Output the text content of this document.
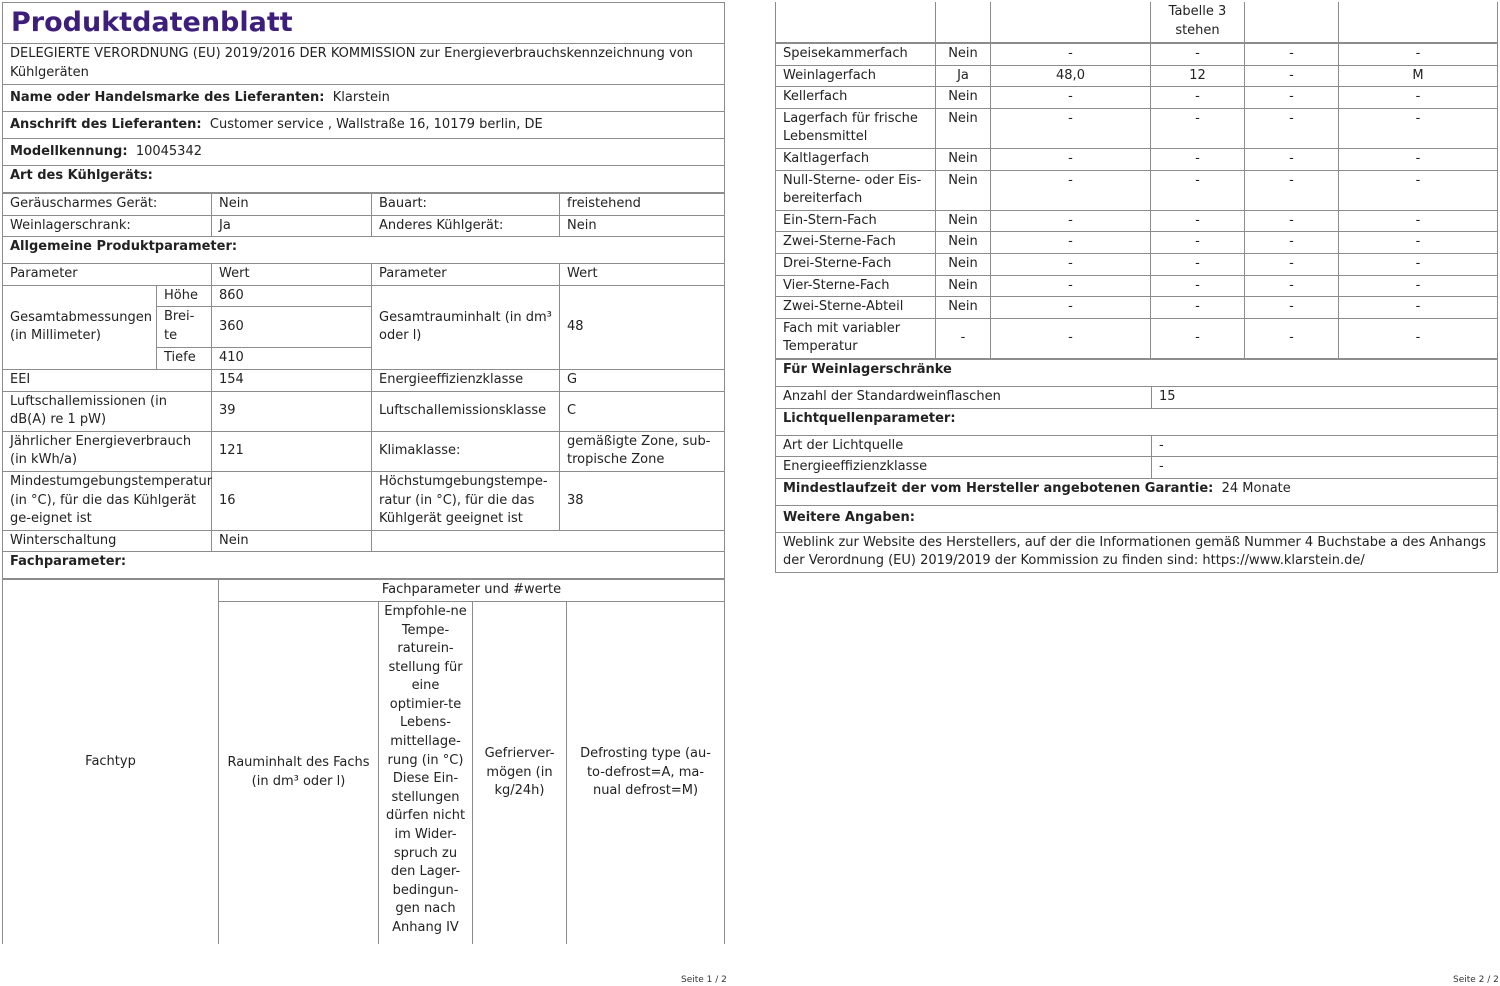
Produktdatenblatt
DELEGIERTE VERORDNUNG (EU) 2019/2016 DER KOMMISSION zur Energieverbrauchskennzeichnung von Kühlgeräten
Name oder Handelsmarke des Lieferanten: Klarstein
Anschrift des Lieferanten: Customer service , Wallstraße 16, 10179 berlin, DE
Modellkennung: 10045342
Art des Kühlgeräts:
Geräuscharmes Gerät:		Nein	Bauart:	freistehend
Weinlagerschrank:		Ja	Anderes Kühlgerät:	Nein
Allgemeine Produktparameter:				
Parameter		Wert	Parameter	Wert
Gesamtabmessungen (in Millimeter)	Höhe	860	Gesamtrauminhalt (in dm³ oder l)	48
	Brei-te	360		
	Tiefe	410		
EEI		154	Energieeffizienzklasse	G
Luftschallemissionen (in dB(A) re 1 pW)		39	Luftschallemissionsklasse	C
Jährlicher Energieverbrauch (in kWh/a)		121	Klimaklasse:	gemäßigte Zone, sub-tropische Zone
Mindestumgebungstemperatur (in °C), für die das Kühlgerät ge-eignet ist		16	Höchstumgebungstempe-ratur (in °C), für die das Kühlgerät geeignet ist	38
Winterschaltung		Nein		
Fachparameter:				
Fachtyp	Fachparameter und #werte			
	Rauminhalt des Fachs (in dm³ oder l)	Empfohle-ne Tempe-raturein-stellung für eine optimier-te Lebens-mittellage-rung (in °C) Diese Ein-stellungen dürfen nicht im Wider-spruch zu den Lager-bedingun-gen nach Anhang IV	Gefrierver-mögen (in kg/24h)	Defrosting type (au-to-defrost=A, ma-nual defrost=M)
Seite 1 / 2
			Tabelle 3 stehen		
Speisekammerfach	Nein	-	-	-	-
Weinlagerfach	Ja	48,0	12	-	M
Kellerfach	Nein	-	-	-	-
Lagerfach für frische Lebensmittel	Nein	-	-	-	-
Kaltlagerfach	Nein	-	-	-	-
Null-Sterne- oder Eis-bereiterfach	Nein	-	-	-	-
Ein-Stern-Fach	Nein	-	-	-	-
Zwei-Sterne-Fach	Nein	-	-	-	-
Drei-Sterne-Fach	Nein	-	-	-	-
Vier-Sterne-Fach	Nein	-	-	-	-
Zwei-Sterne-Abteil	Nein	-	-	-	-
Fach mit variabler Temperatur	-	-	-	-	-
Für Weinlagerschränke	
Anzahl der Standardweinflaschen	15
Lichtquellenparameter:	
Art der Lichtquelle	-
Energieeffizienzklasse	-
Mindestlaufzeit der vom Hersteller angebotenen Garantie: 24 Monate	
Weitere Angaben:	
Weblink zur Website des Herstellers, auf der die Informationen gemäß Nummer 4 Buchstabe a des Anhangs der Verordnung (EU) 2019/2019 der Kommission zu finden sind: https://www.klarstein.de/	
Seite 2 / 2
